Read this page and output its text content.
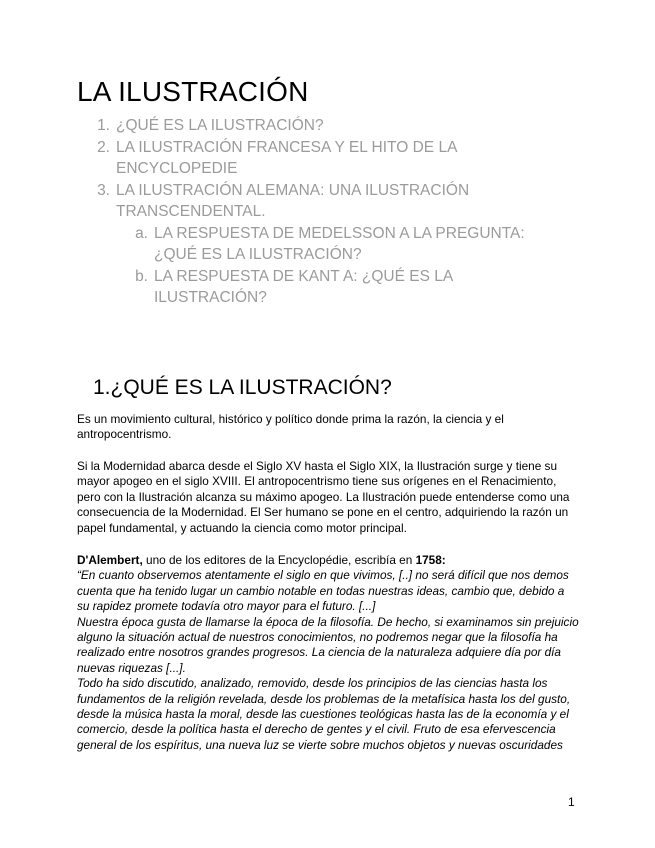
LA ILUSTRACIÓN
1. ¿QUÉ ES LA ILUSTRACIÓN?
2. LA ILUSTRACIÓN FRANCESA Y EL HITO DE LA
ENCYCLOPEDIE
3. LA ILUSTRACIÓN ALEMANA: UNA ILUSTRACIÓN
TRANSCENDENTAL.
a. LA RESPUESTA DE MEDELSSON A LA PREGUNTA:
¿QUÉ ES LA ILUSTRACIÓN?
b. LA RESPUESTA DE KANT A: ¿QUÉ ES LA
ILUSTRACIÓN?
1.¿QUÉ ES LA ILUSTRACIÓN?

Es un movimiento cultural, histórico y político donde prima la razón, la ciencia y el
antropocentrismo.

Si la Modernidad abarca desde el Siglo XV hasta el Siglo XIX, la Ilustración surge y tiene su
mayor apogeo en el siglo XVIII. El antropocentrismo tiene sus orígenes en el Renacimiento,
pero con la Ilustración alcanza su máximo apogeo. La Ilustración puede entenderse como una
consecuencia de la Modernidad. El Ser humano se pone en el centro, adquiriendo la razón un
papel fundamental, y actuando la ciencia como motor principal.

D'Alembert, uno de los editores de la Encyclopédie, escribía en 1758:
“En cuanto observemos atentamente el siglo en que vivimos, [..] no será difícil que nos demos
cuenta que ha tenido lugar un cambio notable en todas nuestras ideas, cambio que, debido a
su rapidez promete todavía otro mayor para el futuro. [...]
Nuestra época gusta de llamarse la época de la filosofía. De hecho, si examinamos sin prejuicio
alguno la situación actual de nuestros conocimientos, no podremos negar que la filosofía ha
realizado entre nosotros grandes progresos. La ciencia de la naturaleza adquiere día por día
nuevas riquezas [...].
Todo ha sido discutido, analizado, removido, desde los principios de las ciencias hasta los
fundamentos de la religión revelada, desde los problemas de la metafísica hasta los del gusto,
desde la música hasta la moral, desde las cuestiones teológicas hasta las de la economía y el
comercio, desde la política hasta el derecho de gentes y el civil. Fruto de esa efervescencia
general de los espíritus, una nueva luz se vierte sobre muchos objetos y nuevas oscuridades

1
